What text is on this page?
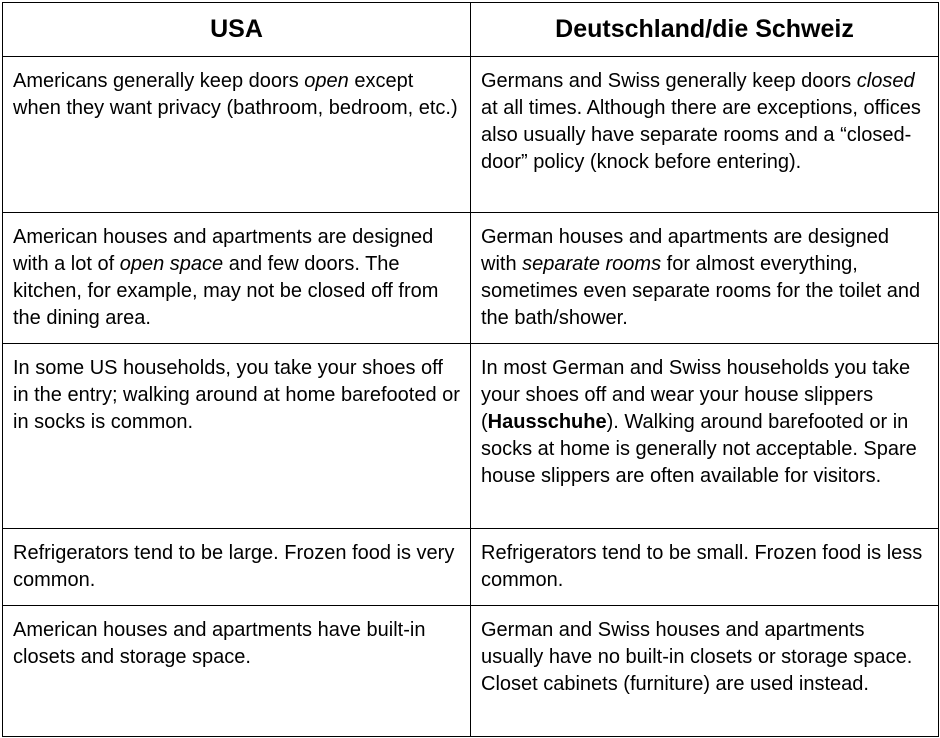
USA	Deutschland/die Schweiz
Americans generally keep doors open except when they want privacy (bathroom, bedroom, etc.)	Germans and Swiss generally keep doors closed at all times. Although there are exceptions, offices also usually have separate rooms and a “closed-door” policy (knock before entering).
American houses and apartments are designed with a lot of open space and few doors. The kitchen, for example, may not be closed off from the dining area.	German houses and apartments are designed with separate rooms for almost everything, sometimes even separate rooms for the toilet and the bath/shower.
In some US households, you take your shoes off in the entry; walking around at home barefooted or in socks is common.	In most German and Swiss households you take your shoes off and wear your house slippers (Hausschuhe). Walking around barefooted or in socks at home is generally not acceptable. Spare house slippers are often available for visitors.
Refrigerators tend to be large. Frozen food is very common.	Refrigerators tend to be small. Frozen food is less common.
American houses and apartments have built-in closets and storage space.	German and Swiss houses and apartments usually have no built-in closets or storage space. Closet cabinets (furniture) are used instead.
